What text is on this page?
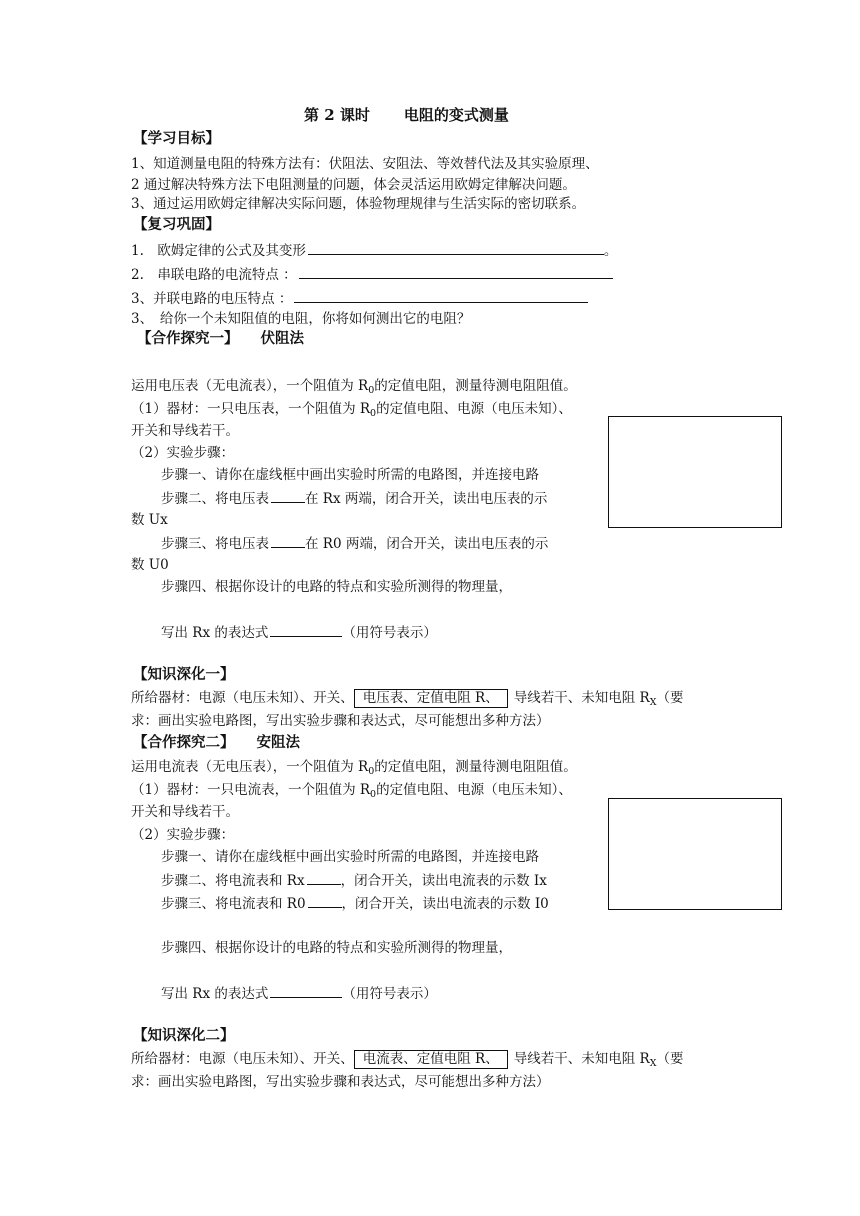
第 2 课时 电阻的变式测量
【学习目标】
1、知道测量电阻的特殊方法有：伏阻法、安阻法、等效替代法及其实验原理、
2 通过解决特殊方法下电阻测量的问题，体会灵活运用欧姆定律解决问题。
3、通过运用欧姆定律解决实际问题，体验物理规律与生活实际的密切联系。
【复习巩固】
1.　欧姆定律的公式及其变形	。
2.　串联电路的电流特点 ：
3、并联电路的电压特点 ：
3、　给你一个未知阻值的电阻，你将如何测出它的电阻？
【合作探究一】 伏阻法
运用电压表（无电流表），一个阻值为 $R_0$的定值电阻，测量待测电阻阻值。
（1）器材：一只电压表，一个阻值为 $R_0$的定值电阻、电源（电压未知）、
开关和导线若干。
（2）实验步骤：
步骤一、请你在虚线框中画出实验时所需的电路图，并连接电路
步骤二、将电压表	在 Rx 两端，闭合开关，读出电压表的示
数 Ux
步骤三、将电压表	在 R0 两端，闭合开关，读出电压表的示
数 U0
步骤四、根据你设计的电路的特点和实验所测得的物理量，
写出 Rx 的表达式	（用符号表示）
【知识深化一】
所给器材：电源（电压未知）、开关、 电压表、定值电阻 R、 导线若干、未知电阻 $R_X$（要
求：画出实验电路图，写出实验步骤和表达式，尽可能想出多种方法）
【合作探究二】 安阻法
运用电流表（无电压表），一个阻值为 $R_0$的定值电阻，测量待测电阻阻值。
（1）器材：一只电流表，一个阻值为 $R_0$的定值电阻、电源（电压未知）、
开关和导线若干。
（2）实验步骤：
步骤一、请你在虚线框中画出实验时所需的电路图，并连接电路
步骤二、将电流表和 Rx	，闭合开关，读出电流表的示数 Ix
步骤三、将电流表和 R0	，闭合开关，读出电流表的示数 I0
步骤四、根据你设计的电路的特点和实验所测得的物理量，
写出 Rx 的表达式	（用符号表示）
【知识深化二】
所给器材：电源（电压未知）、开关、 电流表、定值电阻 R、 导线若干、未知电阻 $R_X$（要
求：画出实验电路图，写出实验步骤和表达式，尽可能想出多种方法）
